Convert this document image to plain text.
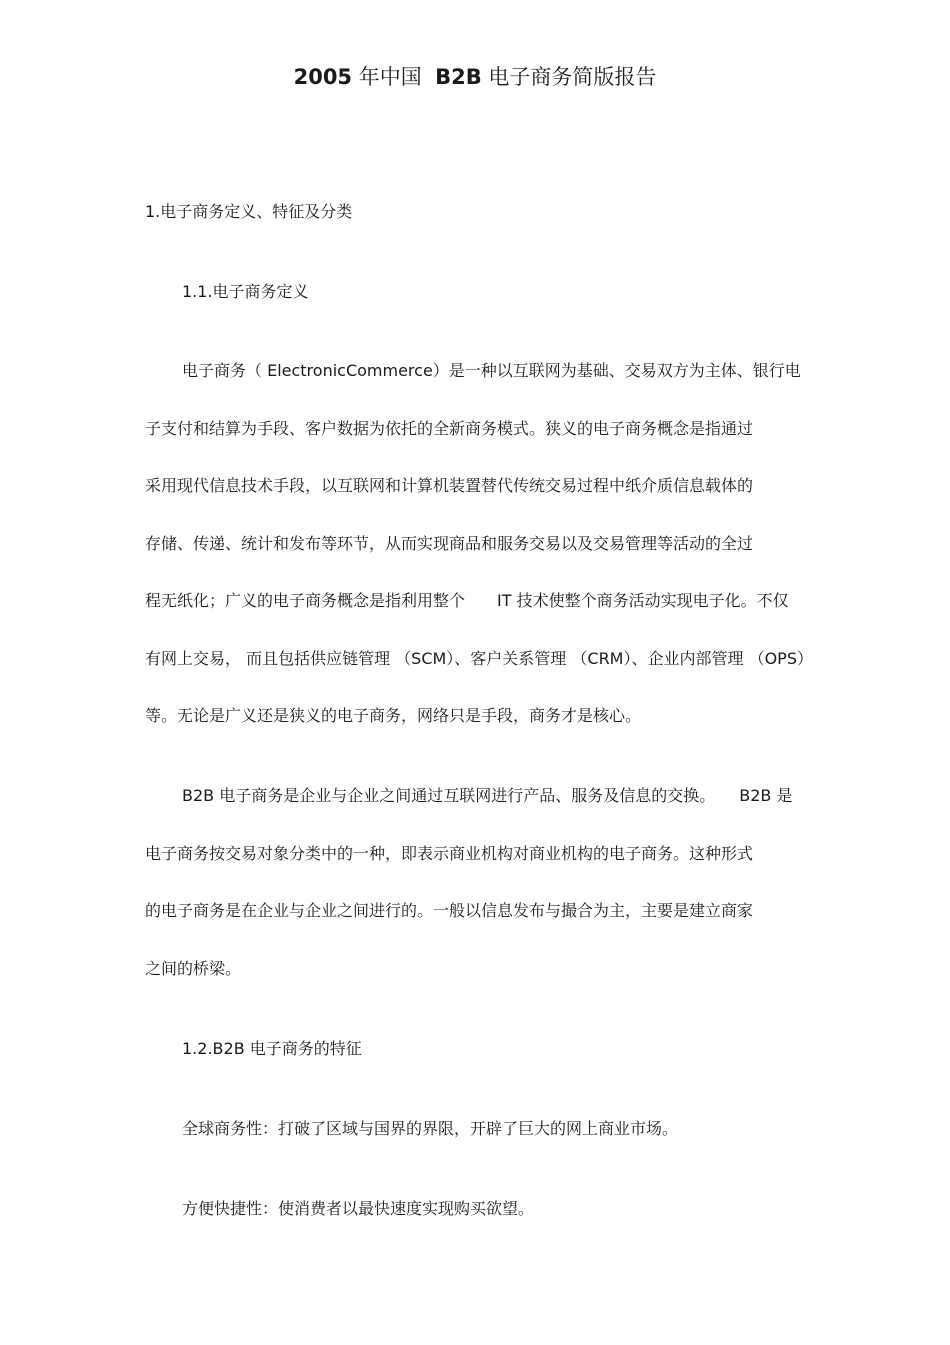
2005 年中国 B2B 电子商务简版报告
1.电子商务定义、特征及分类
1.1.电子商务定义
电子商务（ ElectronicCommerce）是一种以互联网为基础、交易双方为主体、银行电
子支付和结算为手段、客户数据为依托的全新商务模式。狭义的电子商务概念是指通过
采用现代信息技术手段，以互联网和计算机装置替代传统交易过程中纸介质信息载体的
存储、传递、统计和发布等环节，从而实现商品和服务交易以及交易管理等活动的全过
程无纸化；广义的电子商务概念是指利用整个　　IT 技术使整个商务活动实现电子化。不仅
有网上交易， 而且包括供应链管理 （SCM）、客户关系管理 （CRM）、企业内部管理 （OPS）
等。无论是广义还是狭义的电子商务，网络只是手段，商务才是核心。
B2B 电子商务是企业与企业之间通过互联网进行产品、服务及信息的交换。　　B2B 是
电子商务按交易对象分类中的一种，即表示商业机构对商业机构的电子商务。这种形式
的电子商务是在企业与企业之间进行的。一般以信息发布与撮合为主，主要是建立商家
之间的桥梁。
1.2.B2B 电子商务的特征
全球商务性：打破了区域与国界的界限，开辟了巨大的网上商业市场。
方便快捷性：使消费者以最快速度实现购买欲望。
